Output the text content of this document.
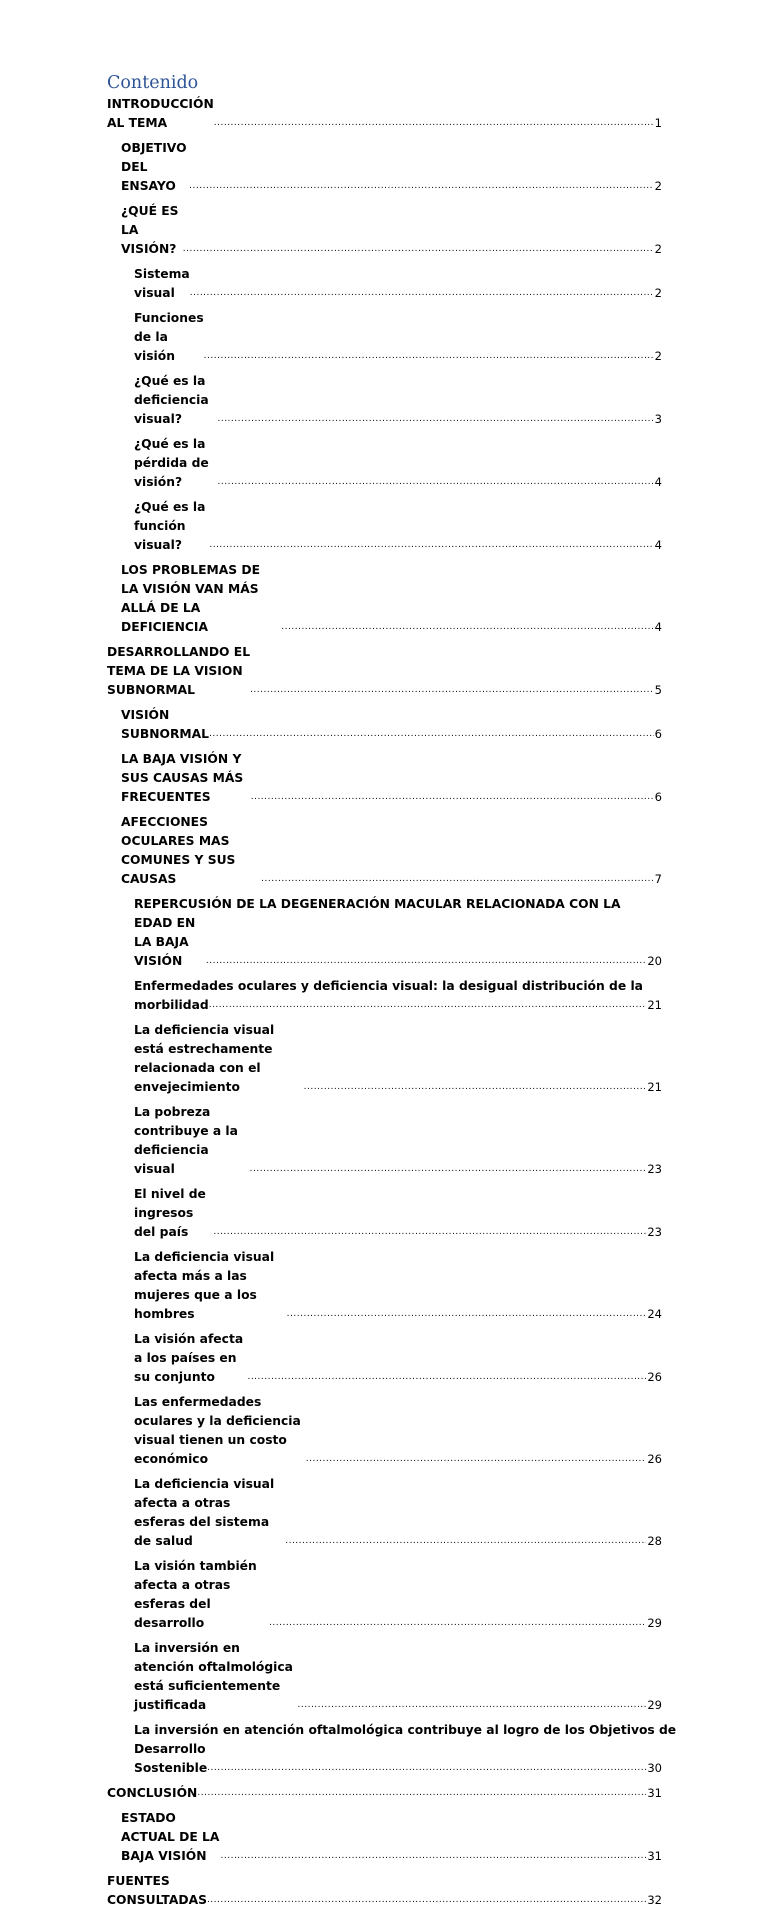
Contenido
INTRODUCCIÓN AL TEMA .....	1
OBJETIVO DEL ENSAYO .....	2
¿QUÉ ES LA VISIÓN? .....	2
Sistema visual .....	2
Funciones de la visión .....	2
¿Qué es la deficiencia visual? .....	3
¿Qué es la pérdida de visión? .....	4
¿Qué es la función visual? .....	4
LOS PROBLEMAS DE LA VISIÓN VAN MÁS ALLÁ DE LA DEFICIENCIA .....	4
DESARROLLANDO EL TEMA DE LA VISION SUBNORMAL .....	5
VISIÓN SUBNORMAL .....	6
LA BAJA VISIÓN Y SUS CAUSAS MÁS FRECUENTES .....	6
AFECCIONES OCULARES MAS COMUNES Y SUS CAUSAS .....	7
REPERCUSIÓN DE LA DEGENERACIÓN MACULAR RELACIONADA CON LA
EDAD EN LA BAJA VISIÓN .....	20
Enfermedades oculares y deficiencia visual: la desigual distribución de la
morbilidad .....	21
La deficiencia visual está estrechamente relacionada con el envejecimiento .....	21
La pobreza contribuye a la deficiencia visual .....	23
El nivel de ingresos del país .....	23
La deficiencia visual afecta más a las mujeres que a los hombres .....	24
La visión afecta a los países en su conjunto .....	26
Las enfermedades oculares y la deficiencia visual tienen un costo económico .....	26
La deficiencia visual afecta a otras esferas del sistema de salud .....	28
La visión también afecta a otras esferas del desarrollo .....	29
La inversión en atención oftalmológica está suficientemente justificada .....	29
La inversión en atención oftalmológica contribuye al logro de los Objetivos de
Desarrollo Sostenible .....	30
CONCLUSIÓN .....	31
ESTADO ACTUAL DE LA BAJA VISIÓN .....	31
FUENTES CONSULTADAS .....	32
